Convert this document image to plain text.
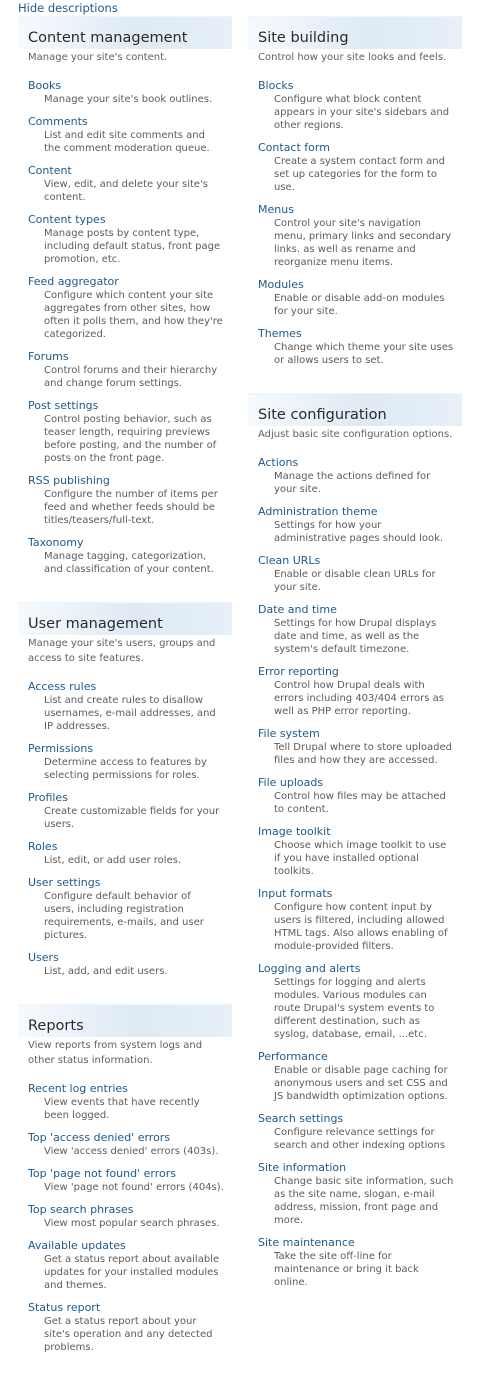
Hide descriptions
Content management
Manage your site's content.
Books
Manage your site's book outlines.
Comments
List and edit site comments and the comment moderation queue.
Content
View, edit, and delete your site's content.
Content types
Manage posts by content type, including default status, front page promotion, etc.
Feed aggregator
Configure which content your site aggregates from other sites, how often it polls them, and how they're categorized.
Forums
Control forums and their hierarchy and change forum settings.
Post settings
Control posting behavior, such as teaser length, requiring previews before posting, and the number of posts on the front page.
RSS publishing
Configure the number of items per feed and whether feeds should be titles/teasers/full-text.
Taxonomy
Manage tagging, categorization, and classification of your content.
User management
Manage your site's users, groups and access to site features.
Access rules
List and create rules to disallow usernames, e-mail addresses, and IP addresses.
Permissions
Determine access to features by selecting permissions for roles.
Profiles
Create customizable fields for your users.
Roles
List, edit, or add user roles.
User settings
Configure default behavior of users, including registration requirements, e-mails, and user pictures.
Users
List, add, and edit users.
Reports
View reports from system logs and other status information.
Recent log entries
View events that have recently been logged.
Top 'access denied' errors
View 'access denied' errors (403s).
Top 'page not found' errors
View 'page not found' errors (404s).
Top search phrases
View most popular search phrases.
Available updates
Get a status report about available updates for your installed modules and themes.
Status report
Get a status report about your site's operation and any detected problems.
Site building
Control how your site looks and feels.
Blocks
Configure what block content appears in your site's sidebars and other regions.
Contact form
Create a system contact form and set up categories for the form to use.
Menus
Control your site's navigation menu, primary links and secondary links. as well as rename and reorganize menu items.
Modules
Enable or disable add-on modules for your site.
Themes
Change which theme your site uses or allows users to set.
Site configuration
Adjust basic site configuration options.
Actions
Manage the actions defined for your site.
Administration theme
Settings for how your administrative pages should look.
Clean URLs
Enable or disable clean URLs for your site.
Date and time
Settings for how Drupal displays date and time, as well as the system's default timezone.
Error reporting
Control how Drupal deals with errors including 403/404 errors as well as PHP error reporting.
File system
Tell Drupal where to store uploaded files and how they are accessed.
File uploads
Control how files may be attached to content.
Image toolkit
Choose which image toolkit to use if you have installed optional toolkits.
Input formats
Configure how content input by users is filtered, including allowed HTML tags. Also allows enabling of module-provided filters.
Logging and alerts
Settings for logging and alerts modules. Various modules can route Drupal's system events to different destination, such as syslog, database, email, ...etc.
Performance
Enable or disable page caching for anonymous users and set CSS and JS bandwidth optimization options.
Search settings
Configure relevance settings for search and other indexing options
Site information
Change basic site information, such as the site name, slogan, e-mail address, mission, front page and more.
Site maintenance
Take the site off-line for maintenance or bring it back online.
